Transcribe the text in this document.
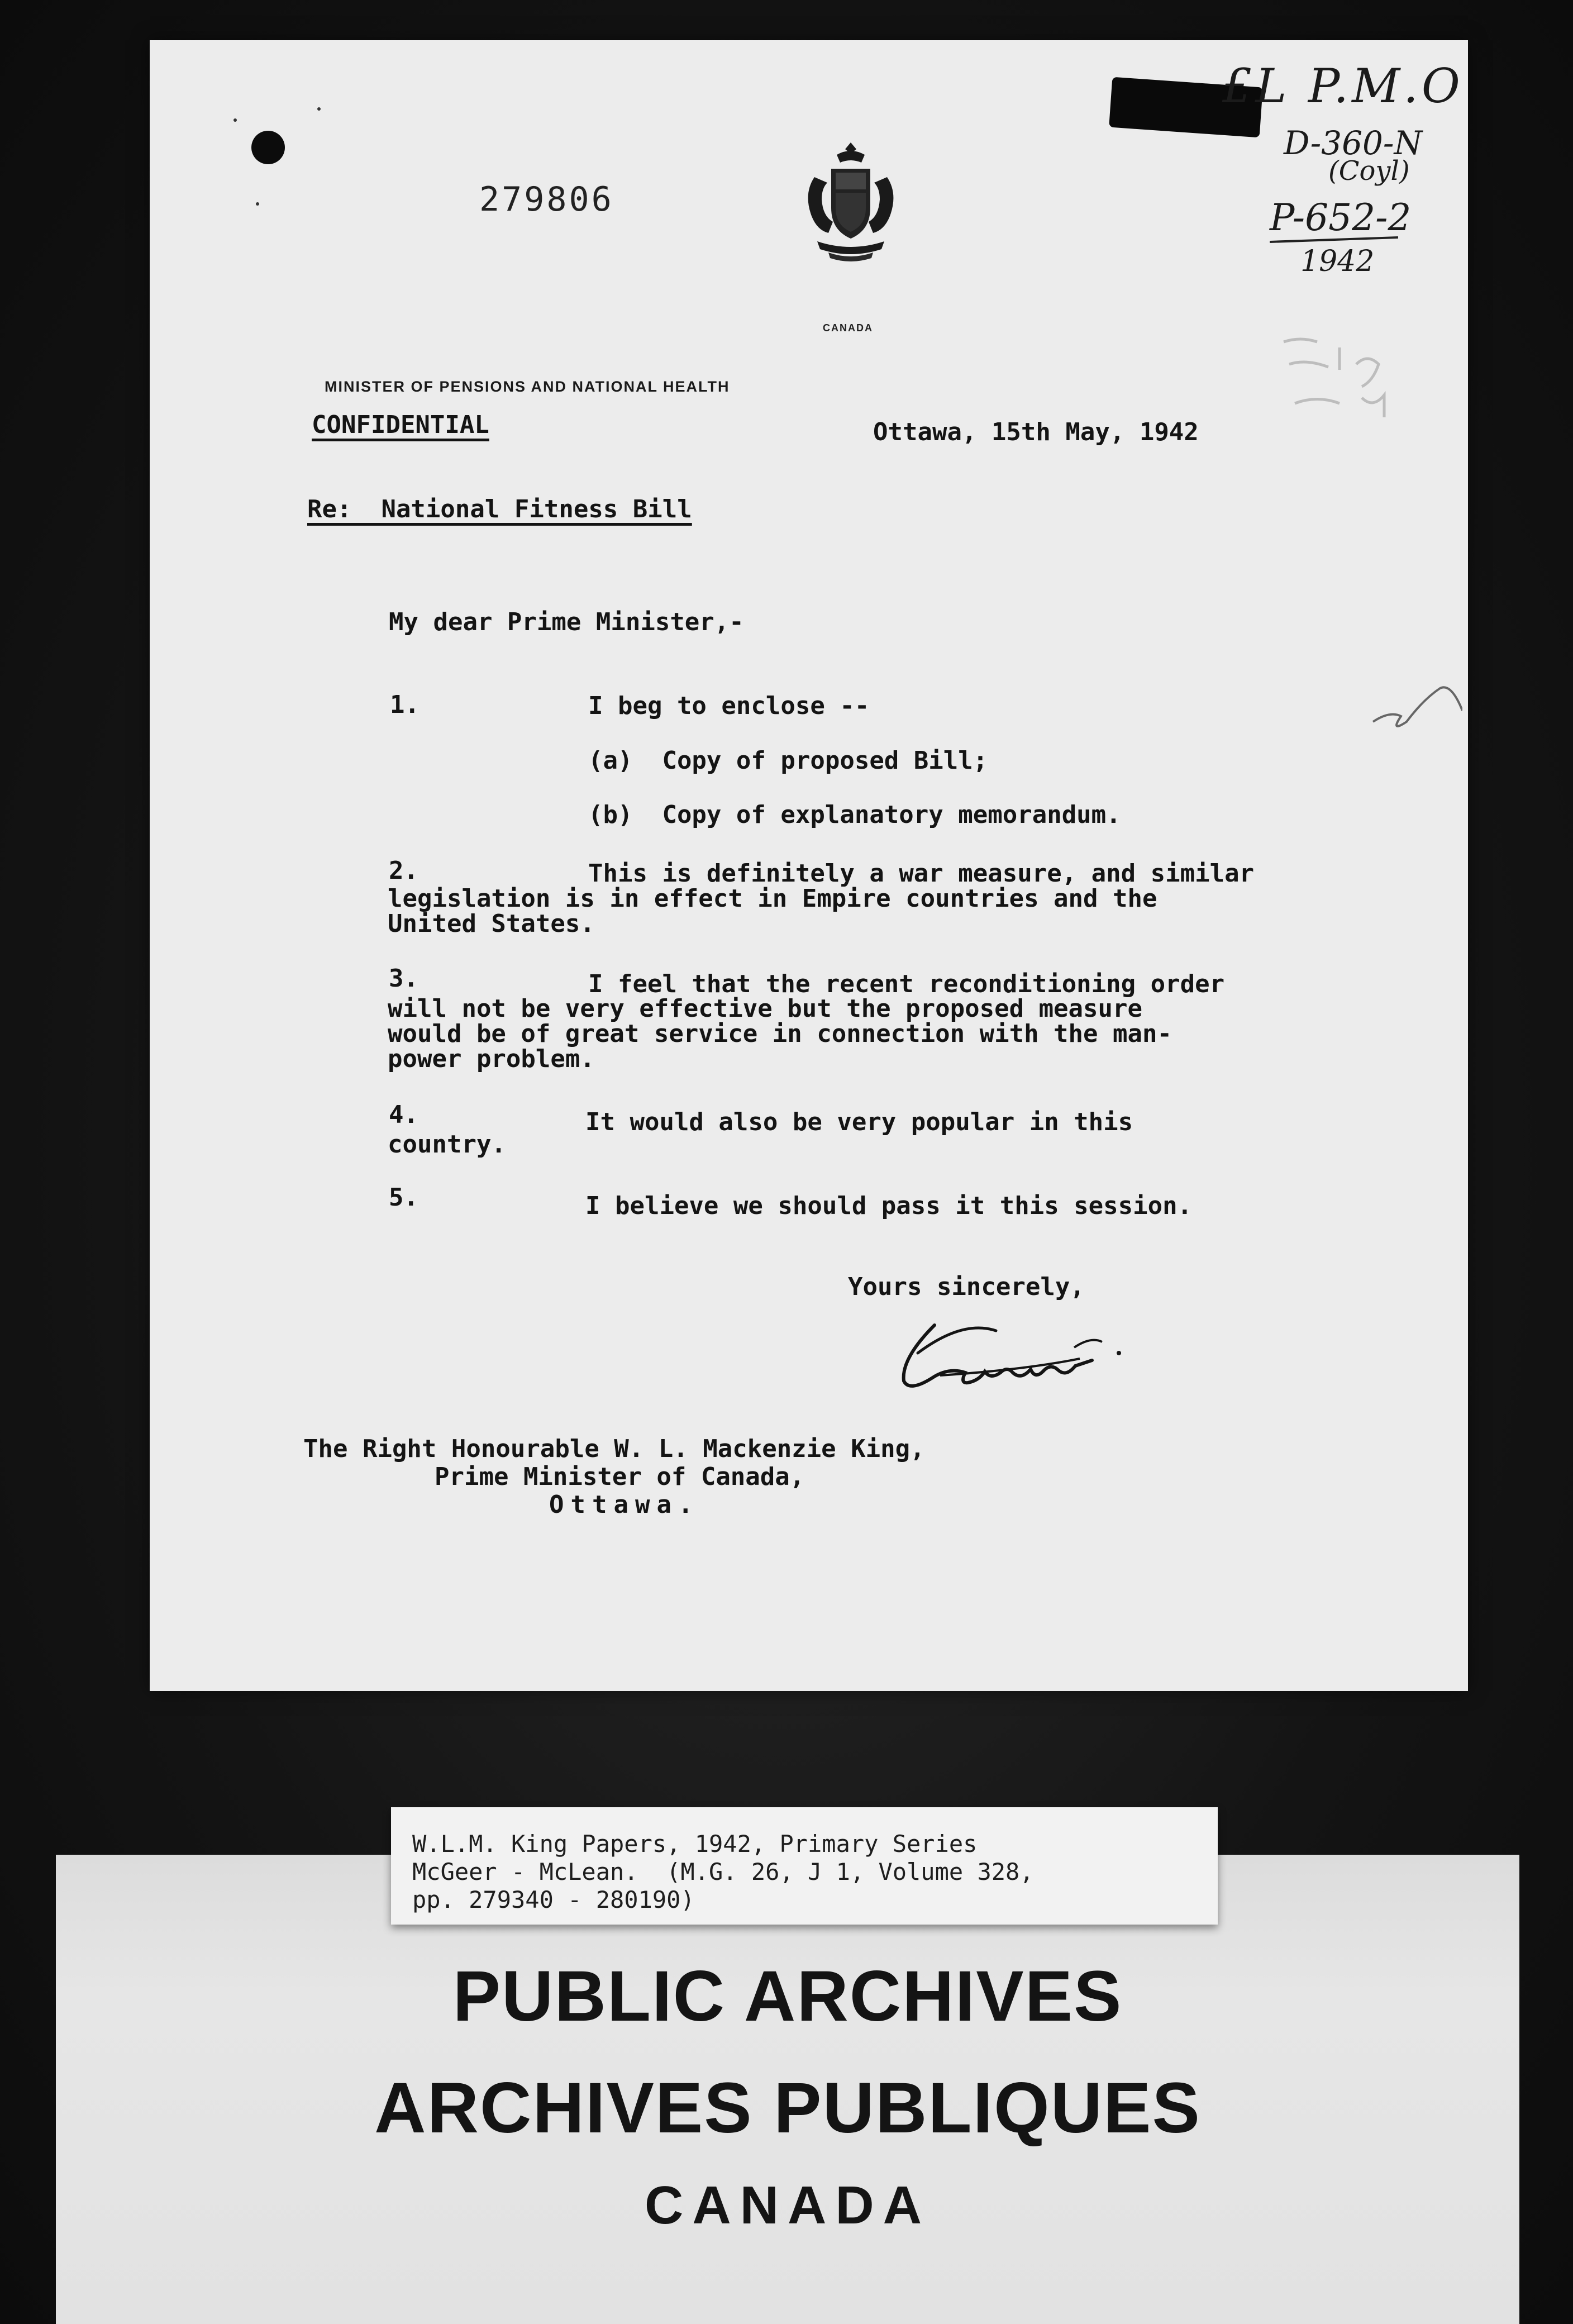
279806
CANADA
MINISTER OF PENSIONS AND NATIONAL HEALTH
CONFIDENTIAL	Ottawa, 15th May, 1942
Re:  National Fitness Bill
My dear Prime Minister,-
1.	I beg to enclose --
(a)  Copy of proposed Bill;
(b)  Copy of explanatory memorandum.
2.	This is definitely a war measure, and similar
legislation is in effect in Empire countries and the
United States.
3.	I feel that the recent reconditioning order
will not be very effective but the proposed measure
would be of great service in connection with the man-
power problem.
4.	It would also be very popular in this
country.
5.	I believe we should pass it this session.
Yours sincerely,
The Right Honourable W. L. Mackenzie King,
Prime Minister of Canada,
Ottawa.
£L P.M.O
D-360-N
(Coyl)
P-652-2
1942
W.L.M. King Papers, 1942, Primary Series
McGeer - McLean.  (M.G. 26, J 1, Volume 328,
pp. 279340 - 280190)
PUBLIC ARCHIVES
ARCHIVES PUBLIQUES
CANADA
